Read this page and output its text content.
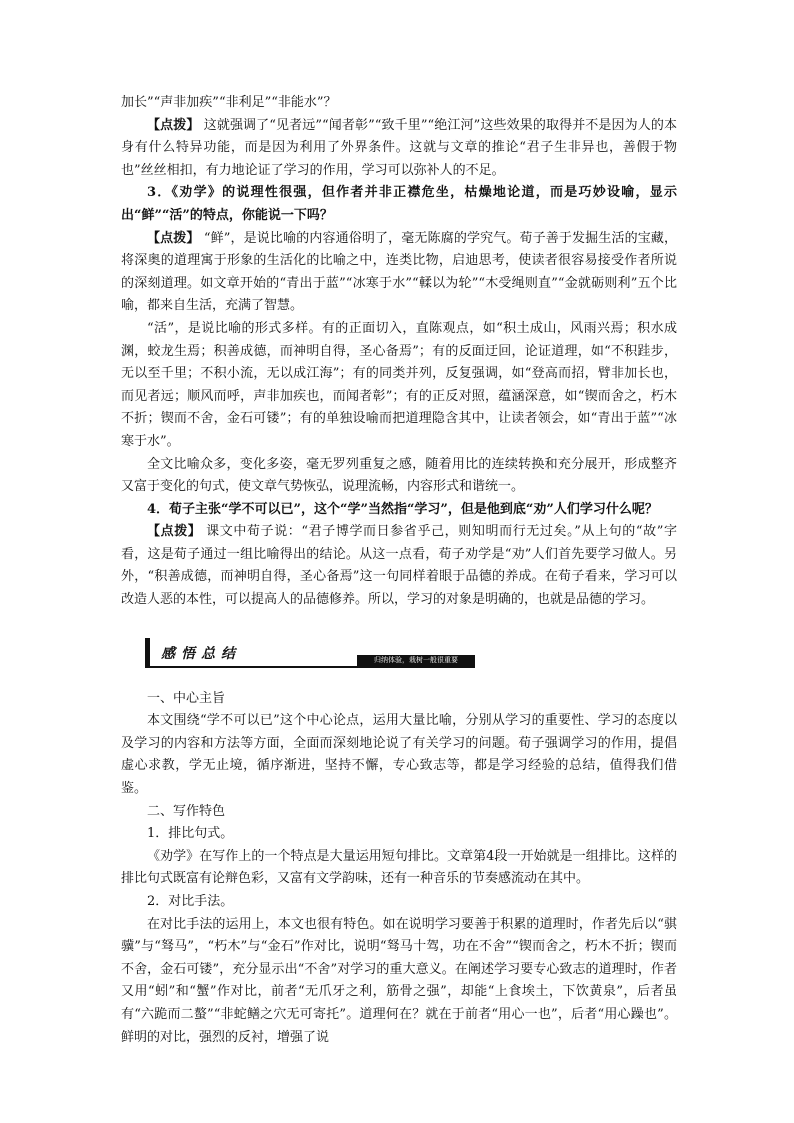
加长”“声非加疾”“非利足”“非能水”？

【点拨】 这就强调了“见者远”“闻者彰”“致千里”“绝江河”这些效果的取得并不是因为人的本身有什么特异功能，而是因为利用了外界条件。这就与文章的推论“君子生非异也，善假于物也”丝丝相扣，有力地论证了学习的作用，学习可以弥补人的不足。

3．《劝学》的说理性很强，但作者并非正襟危坐，枯燥地论道，而是巧妙设喻，显示出“鲜”“活”的特点，你能说一下吗？

【点拨】 “鲜”，是说比喻的内容通俗明了，毫无陈腐的学究气。荀子善于发掘生活的宝藏，将深奥的道理寓于形象的生活化的比喻之中，连类比物，启迪思考，使读者很容易接受作者所说的深刻道理。如文章开始的“青出于蓝”“冰寒于水”“輮以为轮”“木受绳则直”“金就砺则利”五个比喻，都来自生活，充满了智慧。

“活”，是说比喻的形式多样。有的正面切入，直陈观点，如“积土成山，风雨兴焉；积水成渊，蛟龙生焉；积善成德，而神明自得，圣心备焉”；有的反面迂回，论证道理，如“不积跬步，无以至千里；不积小流，无以成江海”；有的同类并列，反复强调，如“登高而招，臂非加长也，而见者远；顺风而呼，声非加疾也，而闻者彰”；有的正反对照，蕴涵深意，如“锲而舍之，朽木不折；锲而不舍，金石可镂”；有的单独设喻而把道理隐含其中，让读者领会，如“青出于蓝”“冰寒于水”。

全文比喻众多，变化多姿，毫无罗列重复之感，随着用比的连续转换和充分展开，形成整齐又富于变化的句式，使文章气势恢弘，说理流畅，内容形式和谐统一。

4．荀子主张“学不可以已”，这个“学”当然指“学习”，但是他到底“劝”人们学习什么呢？

【点拨】 课文中荀子说：“君子博学而日参省乎己，则知明而行无过矣。”从上句的“故”字看，这是荀子通过一组比喻得出的结论。从这一点看，荀子劝学是“劝”人们首先要学习做人。另外，“积善成德，而神明自得，圣心备焉”这一句同样着眼于品德的养成。在荀子看来，学习可以改造人恶的本性，可以提高人的品德修养。所以，学习的对象是明确的，也就是品德的学习。

感悟总结	归纳体验，栽树一般很重要

一、中心主旨

本文围绕“学不可以已”这个中心论点，运用大量比喻，分别从学习的重要性、学习的态度以及学习的内容和方法等方面，全面而深刻地论说了有关学习的问题。荀子强调学习的作用，提倡虚心求教，学无止境，循序渐进，坚持不懈，专心致志等，都是学习经验的总结，值得我们借鉴。

二、写作特色

1．排比句式。

《劝学》在写作上的一个特点是大量运用短句排比。文章第4段一开始就是一组排比。这样的排比句式既富有论辩色彩，又富有文学韵味，还有一种音乐的节奏感流动在其中。

2．对比手法。

在对比手法的运用上，本文也很有特色。如在说明学习要善于积累的道理时，作者先后以“骐骥”与“驽马”，“朽木”与“金石”作对比，说明“驽马十驾，功在不舍”“锲而舍之，朽木不折；锲而不舍，金石可镂”，充分显示出“不舍”对学习的重大意义。在阐述学习要专心致志的道理时，作者又用“蚓”和“蟹”作对比，前者“无爪牙之利，筋骨之强”，却能“上食埃土，下饮黄泉”，后者虽有“六跪而二螯”“非蛇鳝之穴无可寄托”。道理何在？就在于前者“用心一也”，后者“用心躁也”。鲜明的对比，强烈的反衬，增强了说
